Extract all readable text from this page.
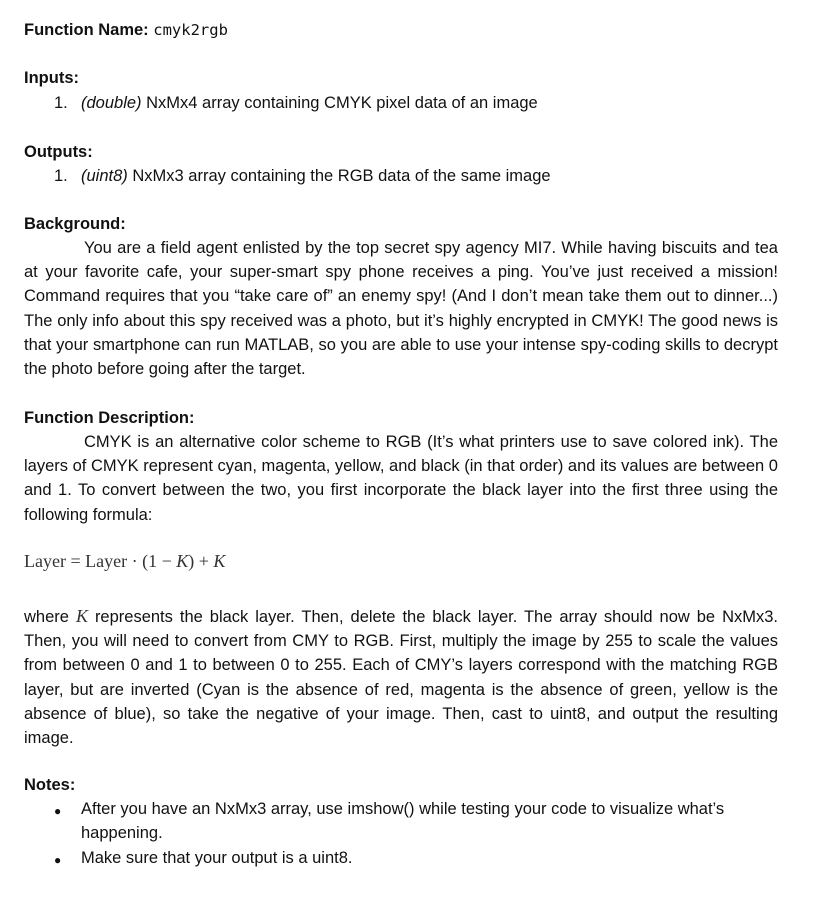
Function Name: cmyk2rgb
Inputs:
1. (double) NxMx4 array containing CMYK pixel data of an image
Outputs:
1. (uint8) NxMx3 array containing the RGB data of the same image
Background:
You are a field agent enlisted by the top secret spy agency MI7. While having biscuits and tea at your favorite cafe, your super-smart spy phone receives a ping. You’ve just received a mission! Command requires that you “take care of” an enemy spy! (And I don’t mean take them out to dinner...) The only info about this spy received was a photo, but it’s highly encrypted in CMYK! The good news is that your smartphone can run MATLAB, so you are able to use your intense spy-coding skills to decrypt the photo before going after the target.
Function Description:
CMYK is an alternative color scheme to RGB (It’s what printers use to save colored ink). The layers of CMYK represent cyan, magenta, yellow, and black (in that order) and its values are between 0 and 1. To convert between the two, you first incorporate the black layer into the first three using the following formula:
Layer = Layer · (1 − K) + K
where K represents the black layer. Then, delete the black layer. The array should now be NxMx3. Then, you will need to convert from CMY to RGB. First, multiply the image by 255 to scale the values from between 0 and 1 to between 0 to 255. Each of CMY’s layers correspond with the matching RGB layer, but are inverted (Cyan is the absence of red, magenta is the absence of green, yellow is the absence of blue), so take the negative of your image. Then, cast to uint8, and output the resulting image.
Notes:
● After you have an NxMx3 array, use imshow() while testing your code to visualize what’s happening.
● Make sure that your output is a uint8.
